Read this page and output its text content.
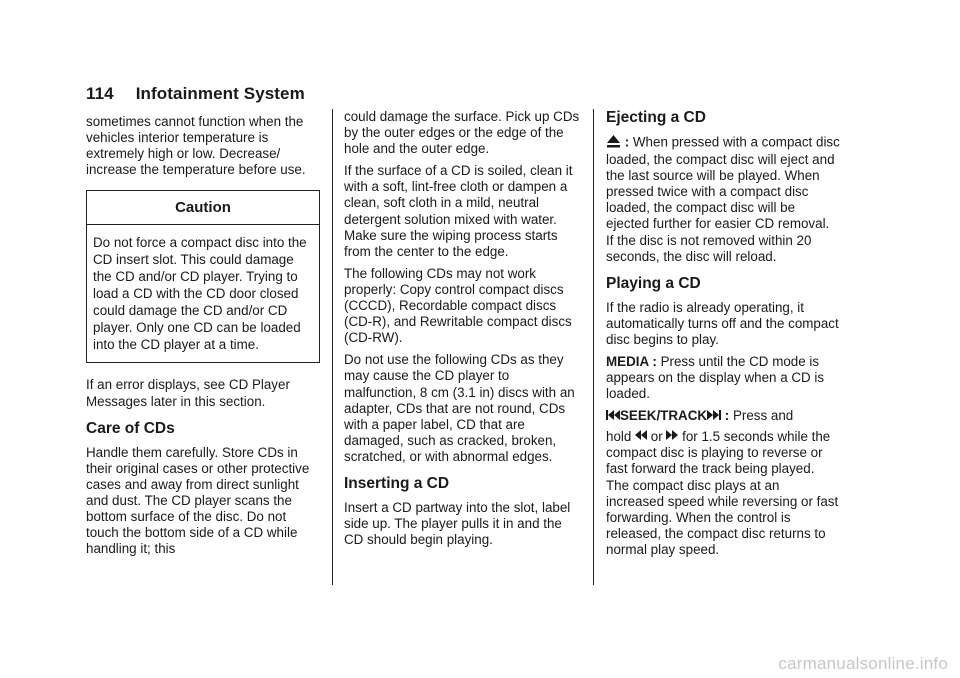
114 Infotainment System

sometimes cannot function when the vehicles interior temperature is extremely high or low. Decrease/ increase the temperature before use.

Caution
Do not force a compact disc into the CD insert slot. This could damage the CD and/or CD player. Trying to load a CD with the CD door closed could damage the CD and/or CD player. Only one CD can be loaded into the CD player at a time.

If an error displays, see CD Player Messages later in this section.

Care of CDs

Handle them carefully. Store CDs in their original cases or other protective cases and away from direct sunlight and dust. The CD player scans the bottom surface of the disc. Do not touch the bottom side of a CD while handling it; this

could damage the surface. Pick up CDs by the outer edges or the edge of the hole and the outer edge.

If the surface of a CD is soiled, clean it with a soft, lint-free cloth or dampen a clean, soft cloth in a mild, neutral detergent solution mixed with water. Make sure the wiping process starts from the center to the edge.

The following CDs may not work properly: Copy control compact discs (CCCD), Recordable compact discs (CD-R), and Rewritable compact discs (CD-RW).

Do not use the following CDs as they may cause the CD player to malfunction, 8 cm (3.1 in) discs with an adapter, CDs that are not round, CDs with a paper label, CD that are damaged, such as cracked, broken, scratched, or with abnormal edges.

Inserting a CD

Insert a CD partway into the slot, label side up. The player pulls it in and the CD should begin playing.

Ejecting a CD

: When pressed with a compact disc loaded, the compact disc will eject and the last source will be played. When pressed twice with a compact disc loaded, the compact disc will be ejected further for easier CD removal. If the disc is not removed within 20 seconds, the disc will reload.

Playing a CD

If the radio is already operating, it automatically turns off and the compact disc begins to play.

MEDIA : Press until the CD mode is appears on the display when a CD is loaded.

SEEK/TRACK : Press and

hold  or  for 1.5 seconds while the compact disc is playing to reverse or fast forward the track being played. The compact disc plays at an increased speed while reversing or fast forwarding. When the control is released, the compact disc returns to normal play speed.

carmanualsonline.info
